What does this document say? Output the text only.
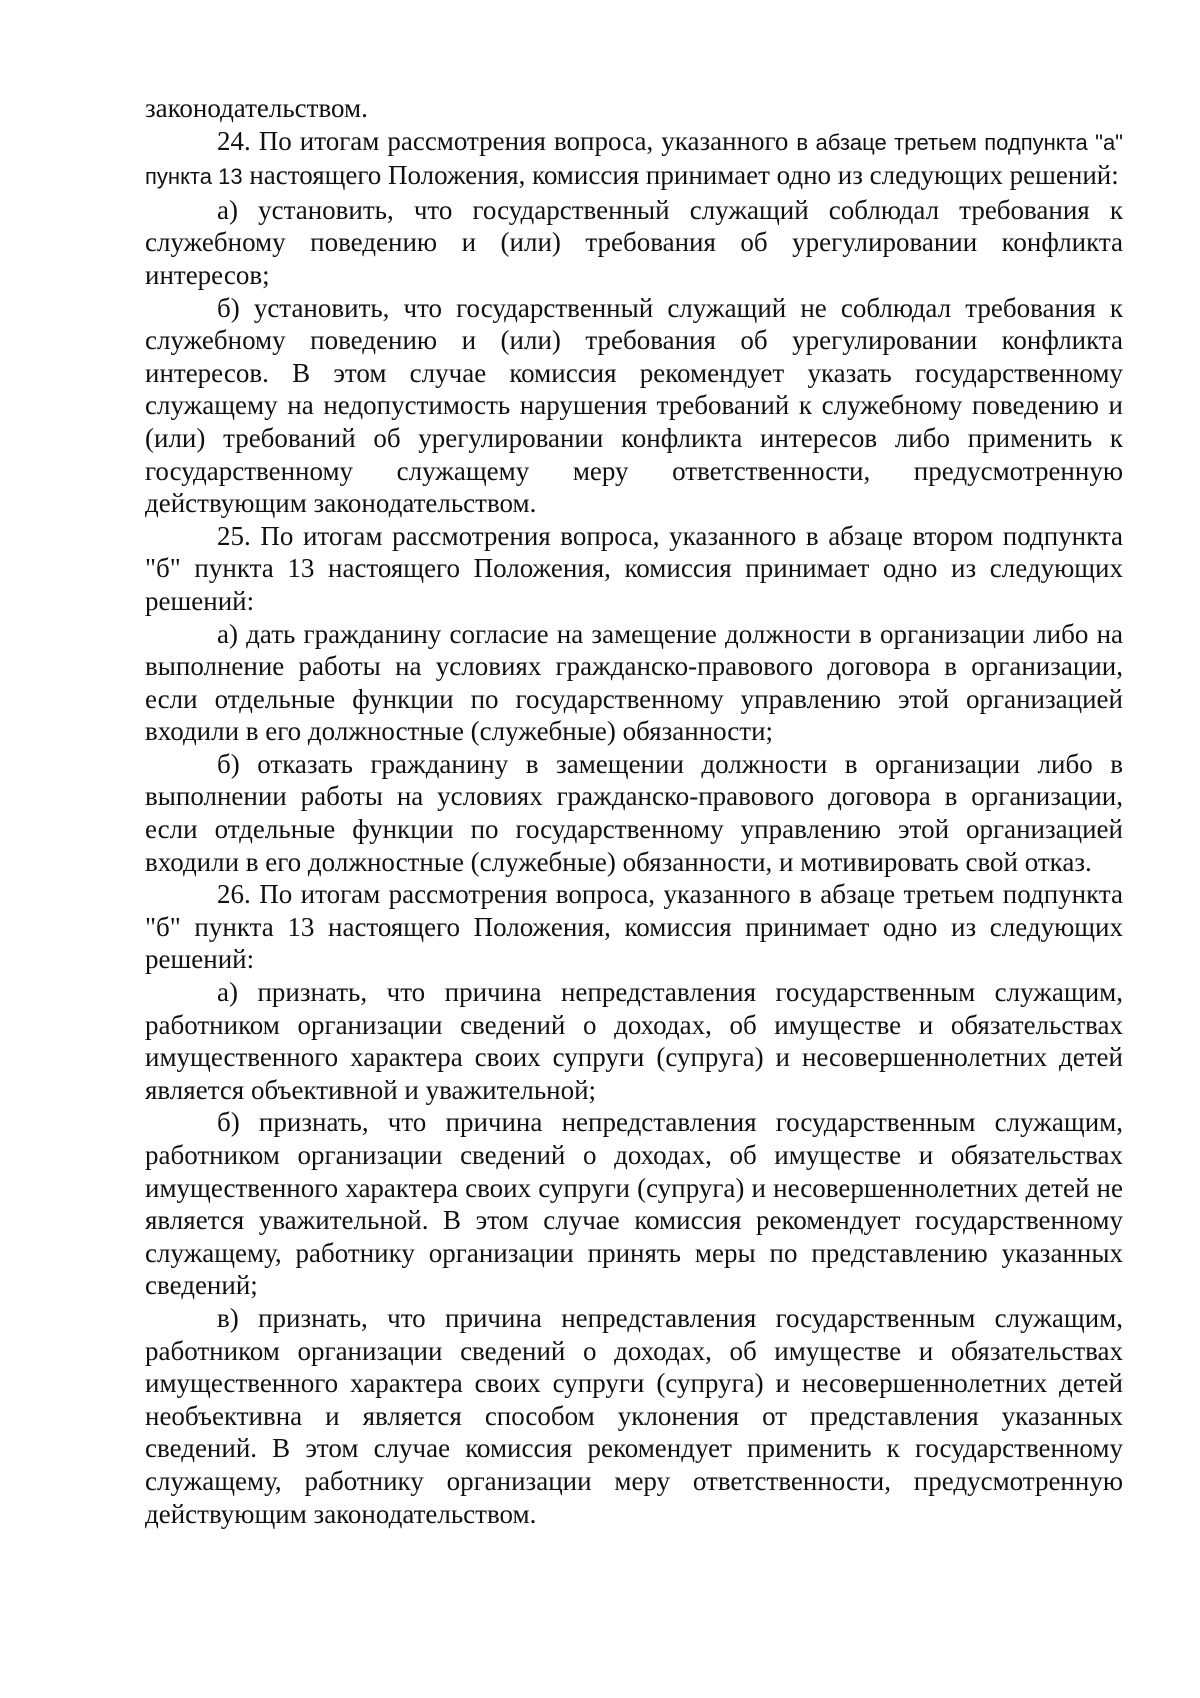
законодательством.

24. По итогам рассмотрения вопроса, указанного в абзаце третьем подпункта "а" пункта 13 настоящего Положения, комиссия принимает одно из следующих решений:

а) установить, что государственный служащий соблюдал требования к служебному поведению и (или) требования об урегулировании конфликта интересов;

б) установить, что государственный служащий не соблюдал требования к служебному поведению и (или) требования об урегулировании конфликта интересов. В этом случае комиссия рекомендует указать государственному служащему на недопустимость нарушения требований к служебному поведению и (или) требований об урегулировании конфликта интересов либо применить к государственному служащему меру ответственности, предусмотренную действующим законодательством.

25. По итогам рассмотрения вопроса, указанного в абзаце втором подпункта "б" пункта 13 настоящего Положения, комиссия принимает одно из следующих решений:

а) дать гражданину согласие на замещение должности в организации либо на выполнение работы на условиях гражданско-правового договора в организации, если отдельные функции по государственному управлению этой организацией входили в его должностные (служебные) обязанности;

б) отказать гражданину в замещении должности в организации либо в выполнении работы на условиях гражданско-правового договора в организации, если отдельные функции по государственному управлению этой организацией входили в его должностные (служебные) обязанности, и мотивировать свой отказ.

26. По итогам рассмотрения вопроса, указанного в абзаце третьем подпункта "б" пункта 13 настоящего Положения, комиссия принимает одно из следующих решений:

а) признать, что причина непредставления государственным служащим, работником организации сведений о доходах, об имуществе и обязательствах имущественного характера своих супруги (супруга) и несовершеннолетних детей является объективной и уважительной;

б) признать, что причина непредставления государственным служащим, работником организации сведений о доходах, об имуществе и обязательствах имущественного характера своих супруги (супруга) и несовершеннолетних детей не является уважительной. В этом случае комиссия рекомендует государственному служащему, работнику организации принять меры по представлению указанных сведений;

в) признать, что причина непредставления государственным служащим, работником организации сведений о доходах, об имуществе и обязательствах имущественного характера своих супруги (супруга) и несовершеннолетних детей необъективна и является способом уклонения от представления указанных сведений. В этом случае комиссия рекомендует применить к государственному служащему, работнику организации меру ответственности, предусмотренную действующим законодательством.
